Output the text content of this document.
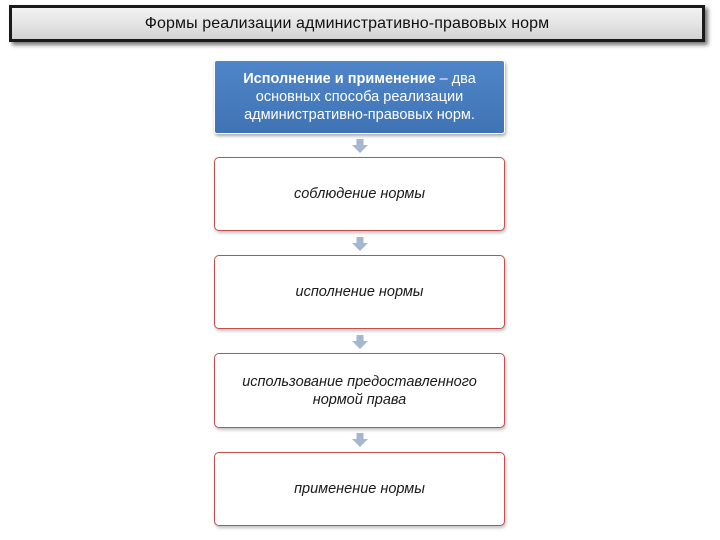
Формы реализации административно-правовых норм
Исполнение и применение – два основных способа реализации административно-правовых норм.
соблюдение нормы
исполнение нормы
использование предоставленного нормой права
применение нормы
